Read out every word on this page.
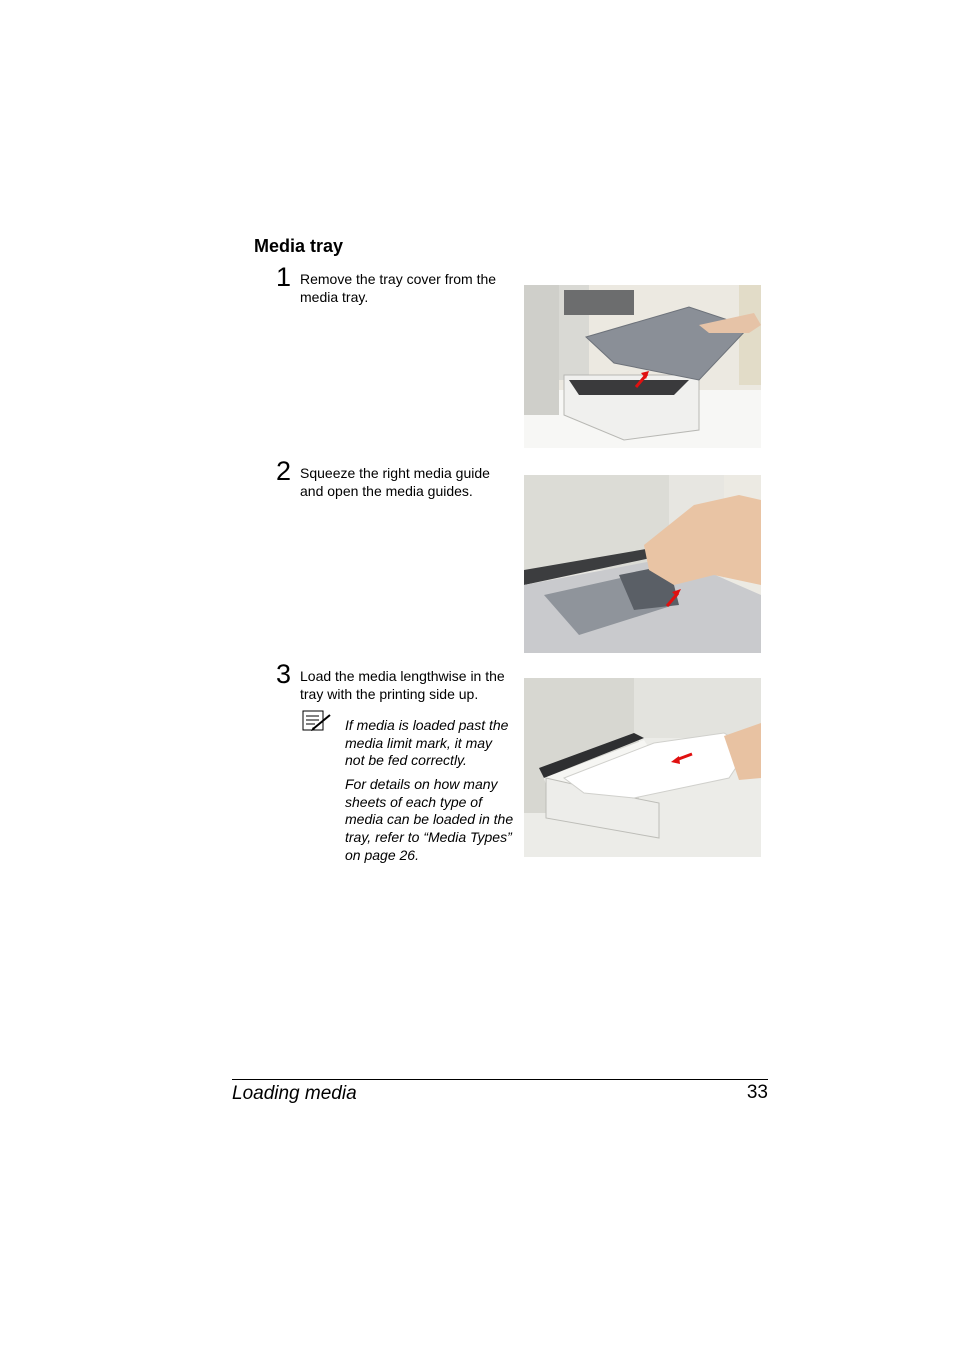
Media tray
1 Remove the tray cover from the media tray.
2 Squeeze the right media guide and open the media guides.
3 Load the media lengthwise in the tray with the printing side up.
If media is loaded past the media limit mark, it may not be fed correctly.
For details on how many sheets of each type of media can be loaded in the tray, refer to “Media Types” on page 26.
Loading media	33
